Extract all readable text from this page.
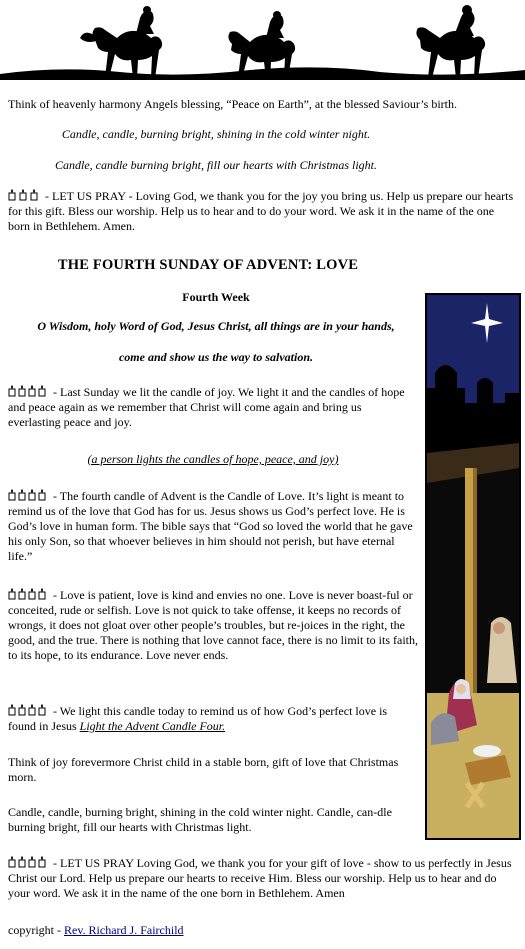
Think of heavenly harmony Angels blessing, “Peace on Earth”, at the blessed Saviour’s birth.

Candle, candle, burning bright, shining in the cold winter night.

Candle, candle burning bright, fill our hearts with Christmas light.

- LET US PRAY - Loving God, we thank you for the joy you bring us. Help us prepare our hearts for this gift. Bless our worship. Help us to hear and to do your word. We ask it in the name of the one born in Bethlehem. Amen.

THE FOURTH SUNDAY OF ADVENT: LOVE

Fourth Week

O Wisdom, holy Word of God, Jesus Christ, all things are in your hands,

come and show us the way to salvation.

- Last Sunday we lit the candle of joy. We light it and the candles of hope and peace again as we remember that Christ will come again and bring us everlasting peace and joy.

(a person lights the candles of hope, peace, and joy)

- The fourth candle of Advent is the Candle of Love. It’s light is meant to remind us of the love that God has for us. Jesus shows us God’s perfect love. He is God’s love in human form. The bible says that “God so loved the world that he gave his only Son, so that whoever believes in him should not perish, but have eternal life.”

- Love is patient, love is kind and envies no one. Love is never boast-ful or conceited, rude or selfish. Love is not quick to take offense, it keeps no records of wrongs, it does not gloat over other people’s troubles, but re-joices in the right, the good, and the true. There is nothing that love cannot face, there is no limit to its faith, to its hope, to its endurance. Love never ends.

- We light this candle today to remind us of how God’s perfect love is found in Jesus Light the Advent Candle Four.

Think of joy forevermore Christ child in a stable born, gift of love that Christmas morn.

Candle, candle, burning bright, shining in the cold winter night. Candle, can-dle burning bright, fill our hearts with Christmas light.

- LET US PRAY Loving God, we thank you for your gift of love - show to us perfectly in Jesus Christ our Lord. Help us prepare our hearts to receive Him. Bless our worship. Help us to hear and do your word. We ask it in the name of the one born in Bethlehem. Amen

copyright - Rev. Richard J. Fairchild
